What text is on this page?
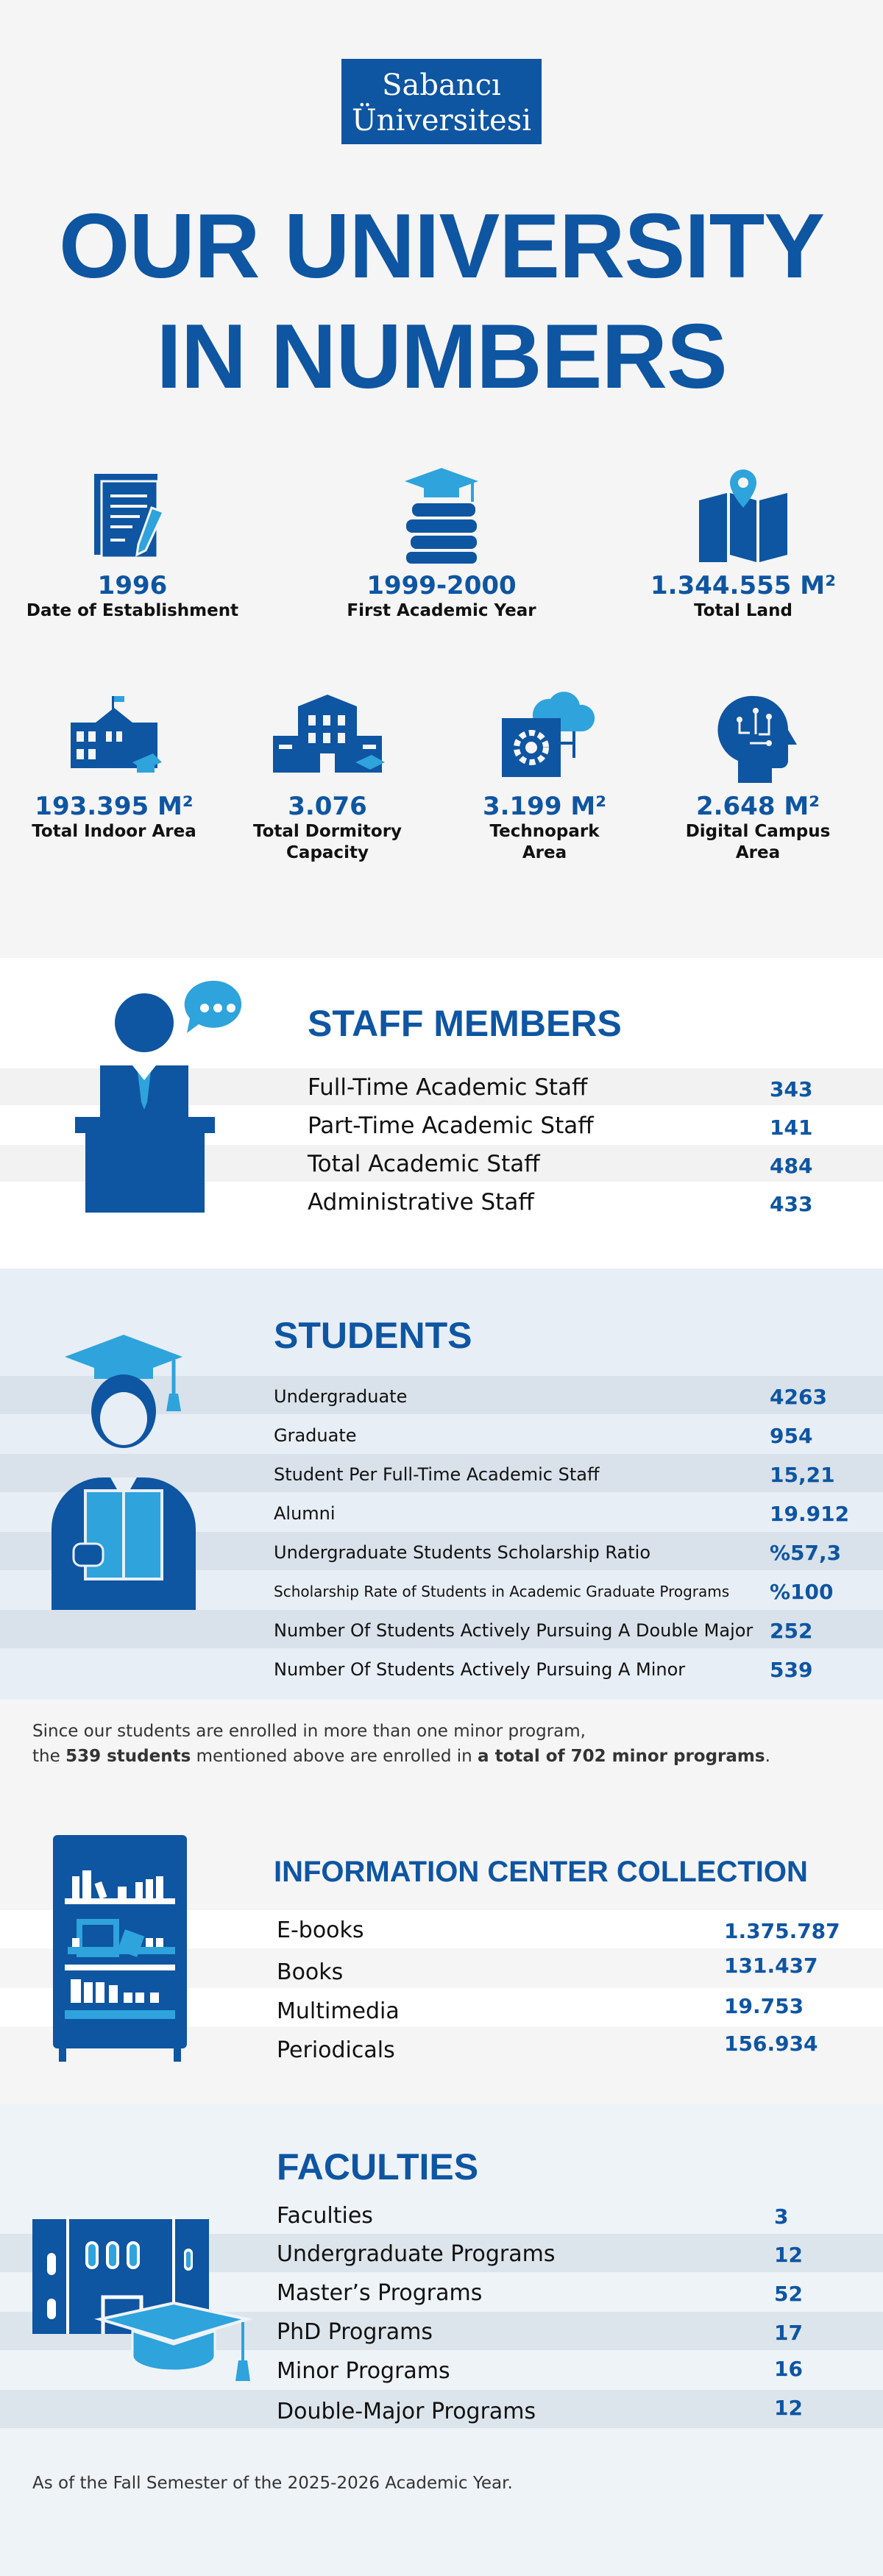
Sabancı
Üniversitesi
OUR UNIVERSITY
IN NUMBERS
1996
Date of Establishment
1999-2000
First Academic Year
1.344.555 M²
Total Land
193.395 M²
Total Indoor Area
3.076
Total Dormitory
Capacity
3.199 M²
Technopark
Area
2.648 M²
Digital Campus
Area
STAFF MEMBERS
Full-Time Academic Staff	343
Part-Time Academic Staff	141
Total Academic Staff	484
Administrative Staff	433
STUDENTS
Undergraduate	4263
Graduate	954
Student Per Full-Time Academic Staff	15,21
Alumni	19.912
Undergraduate Students Scholarship Ratio	%57,3
Scholarship Rate of Students in Academic Graduate Programs %100
Number Of Students Actively Pursuing A Double Major 252
Number Of Students Actively Pursuing A Minor	539
Since our students are enrolled in more than one minor program,
the 539 students mentioned above are enrolled in a total of 702 minor programs.
INFORMATION CENTER COLLECTION
E-books	1.375.787
Books	131.437
Multimedia	19.753
Periodicals	156.934
FACULTIES
Faculties	3
Undergraduate Programs	12
Master’s Programs	52
PhD Programs	17
Minor Programs	16
Double-Major Programs	12
As of the Fall Semester of the 2025-2026 Academic Year.
